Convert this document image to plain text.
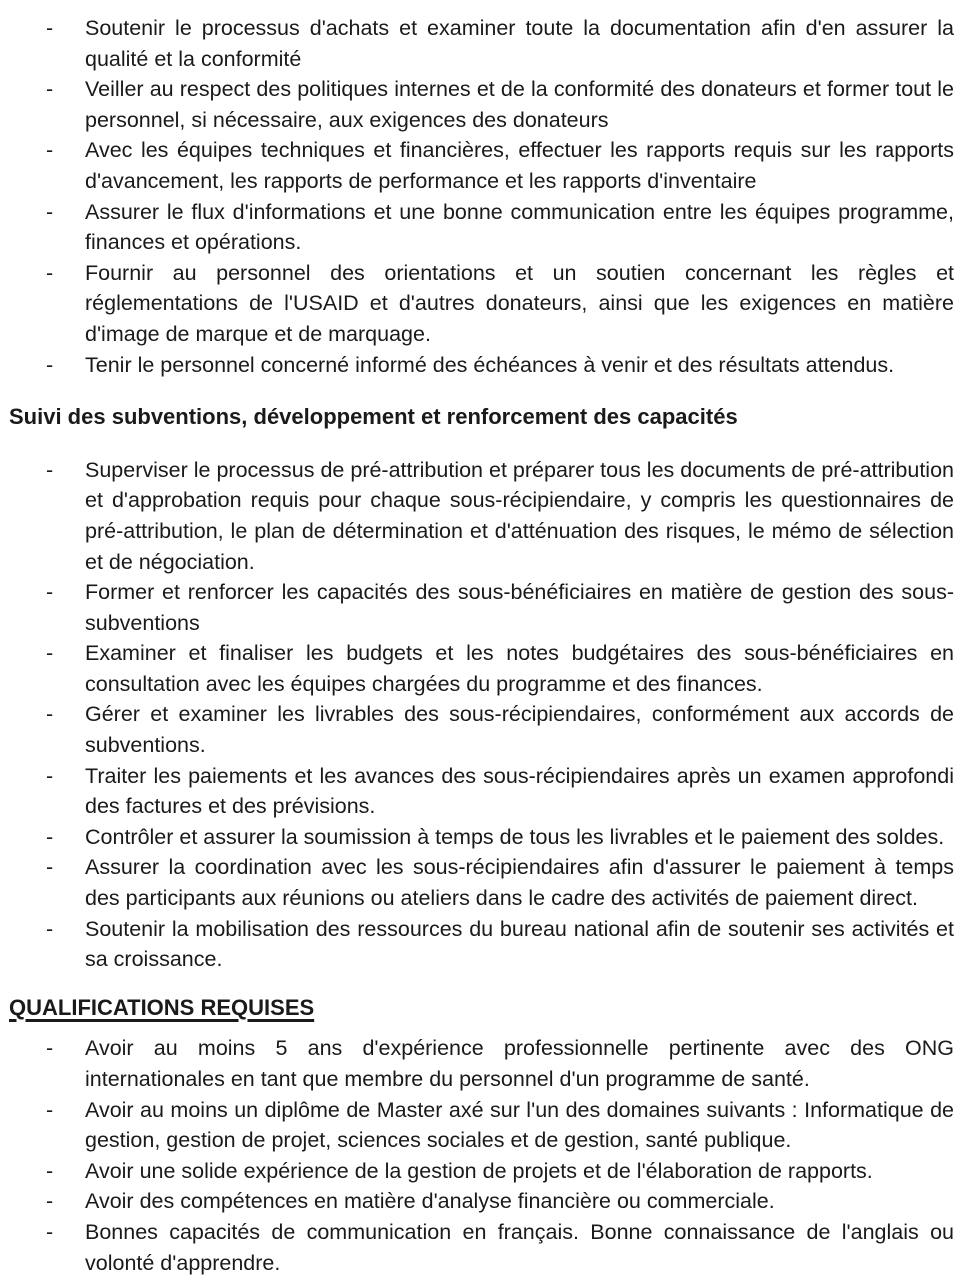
- Soutenir le processus d'achats et examiner toute la documentation afin d'en assurer la qualité et la conformité
- Veiller au respect des politiques internes et de la conformité des donateurs et former tout le personnel, si nécessaire, aux exigences des donateurs
- Avec les équipes techniques et financières, effectuer les rapports requis sur les rapports d'avancement, les rapports de performance et les rapports d'inventaire
- Assurer le flux d'informations et une bonne communication entre les équipes programme, finances et opérations.
- Fournir au personnel des orientations et un soutien concernant les règles et réglementations de l'USAID et d'autres donateurs, ainsi que les exigences en matière d'image de marque et de marquage.
- Tenir le personnel concerné informé des échéances à venir et des résultats attendus.
Suivi des subventions, développement et renforcement des capacités
- Superviser le processus de pré-attribution et préparer tous les documents de pré-attribution et d'approbation requis pour chaque sous-récipiendaire, y compris les questionnaires de pré-attribution, le plan de détermination et d'atténuation des risques, le mémo de sélection et de négociation.
- Former et renforcer les capacités des sous-bénéficiaires en matière de gestion des sous-subventions
- Examiner et finaliser les budgets et les notes budgétaires des sous-bénéficiaires en consultation avec les équipes chargées du programme et des finances.
- Gérer et examiner les livrables des sous-récipiendaires, conformément aux accords de subventions.
- Traiter les paiements et les avances des sous-récipiendaires après un examen approfondi des factures et des prévisions.
- Contrôler et assurer la soumission à temps de tous les livrables et le paiement des soldes.
- Assurer la coordination avec les sous-récipiendaires afin d'assurer le paiement à temps des participants aux réunions ou ateliers dans le cadre des activités de paiement direct.
- Soutenir la mobilisation des ressources du bureau national afin de soutenir ses activités et sa croissance.
QUALIFICATIONS REQUISES
- Avoir au moins 5 ans d'expérience professionnelle pertinente avec des ONG internationales en tant que membre du personnel d'un programme de santé.
- Avoir au moins un diplôme de Master axé sur l'un des domaines suivants : Informatique de gestion, gestion de projet, sciences sociales et de gestion, santé publique.
- Avoir une solide expérience de la gestion de projets et de l'élaboration de rapports.
- Avoir des compétences en matière d'analyse financière ou commerciale.
- Bonnes capacités de communication en français. Bonne connaissance de l'anglais ou volonté d'apprendre.
